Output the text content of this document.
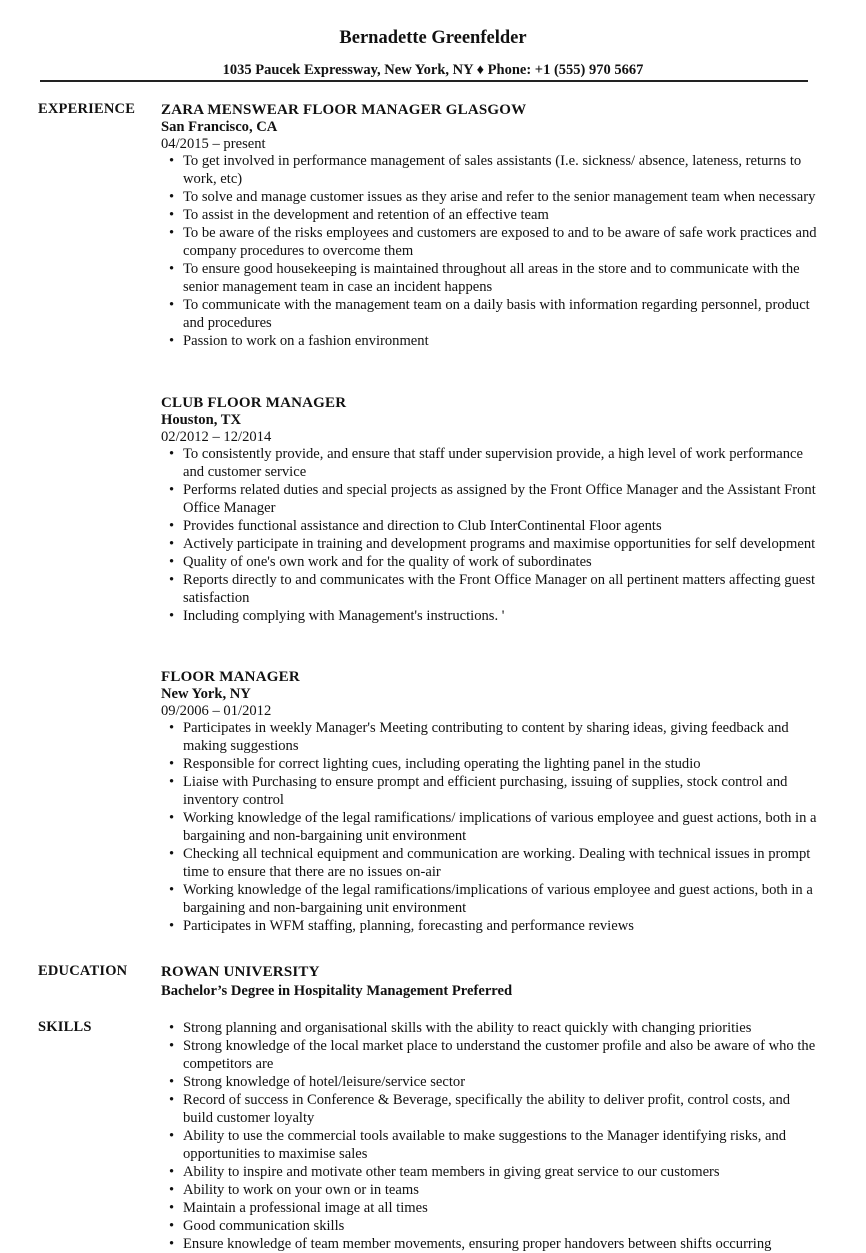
Bernadette Greenfelder
1035 Paucek Expressway, New York, NY ♦ Phone: +1 (555) 970 5667
EXPERIENCE ZARA MENSWEAR FLOOR MANAGER GLASGOW
San Francisco, CA
04/2015 – present
• To get involved in performance management of sales assistants (I.e. sickness/ absence, lateness, returns to work, etc)
• To solve and manage customer issues as they arise and refer to the senior management team when necessary
• To assist in the development and retention of an effective team
• To be aware of the risks employees and customers are exposed to and to be aware of safe work practices and company procedures to overcome them
• To ensure good housekeeping is maintained throughout all areas in the store and to communicate with the senior management team in case an incident happens
• To communicate with the management team on a daily basis with information regarding personnel, product and procedures
• Passion to work on a fashion environment
CLUB FLOOR MANAGER
Houston, TX
02/2012 – 12/2014
• To consistently provide, and ensure that staff under supervision provide, a high level of work performance and customer service
• Performs related duties and special projects as assigned by the Front Office Manager and the Assistant Front Office Manager
• Provides functional assistance and direction to Club InterContinental Floor agents
• Actively participate in training and development programs and maximise opportunities for self development
• Quality of one's own work and for the quality of work of subordinates
• Reports directly to and communicates with the Front Office Manager on all pertinent matters affecting guest satisfaction
• Including complying with Management's instructions. '
FLOOR MANAGER
New York, NY
09/2006 – 01/2012
• Participates in weekly Manager's Meeting contributing to content by sharing ideas, giving feedback and making suggestions
• Responsible for correct lighting cues, including operating the lighting panel in the studio
• Liaise with Purchasing to ensure prompt and efficient purchasing, issuing of supplies, stock control and inventory control
• Working knowledge of the legal ramifications/ implications of various employee and guest actions, both in a bargaining and non-bargaining unit environment
• Checking all technical equipment and communication are working. Dealing with technical issues in prompt time to ensure that there are no issues on-air
• Working knowledge of the legal ramifications/implications of various employee and guest actions, both in a bargaining and non-bargaining unit environment
• Participates in WFM staffing, planning, forecasting and performance reviews
EDUCATION ROWAN UNIVERSITY
Bachelor’s Degree in Hospitality Management Preferred
SKILLS
•	Strong planning and organisational skills with the ability to react quickly with changing priorities
• Strong knowledge of the local market place to understand the customer profile and also be aware of who the competitors are
• Strong knowledge of hotel/leisure/service sector
• Record of success in Conference & Beverage, specifically the ability to deliver profit, control costs, and build customer loyalty
• Ability to use the commercial tools available to make suggestions to the Manager identifying risks, and opportunities to maximise sales
• Ability to inspire and motivate other team members in giving great service to our customers
• Ability to work on your own or in teams
• Maintain a professional image at all times
• Good communication skills
• Ensure knowledge of team member movements, ensuring proper handovers between shifts occurring
